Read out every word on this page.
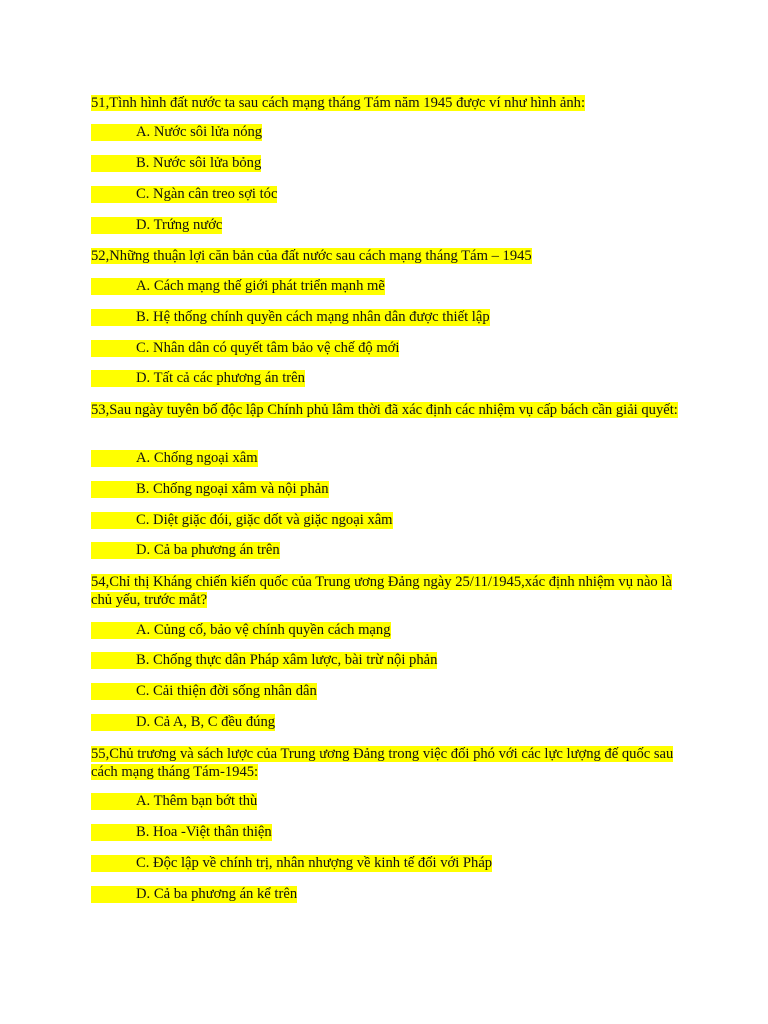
51,Tình hình đất nước ta sau cách mạng tháng Tám năm 1945 được ví như hình ảnh:
A. Nước sôi lửa nóng
B. Nước sôi lửa bỏng
C. Ngàn cân treo sợi tóc
D. Trứng nước
52,Những thuận lợi căn bản của đất nước sau cách mạng tháng Tám – 1945
A. Cách mạng thế giới phát triển mạnh mẽ
B. Hệ thống chính quyền cách mạng nhân dân được thiết lập
C. Nhân dân có quyết tâm bảo vệ chế độ mới
D. Tất cả các phương án trên
53,Sau ngày tuyên bố độc lập Chính phủ lâm thời đã xác định các nhiệm vụ cấp bách cần giải quyết:
A. Chống ngoại xâm
B. Chống ngoại xâm và nội phản
C. Diệt giặc đói, giặc dốt và giặc ngoại xâm
D. Cả ba phương án trên
54,Chỉ thị Kháng chiến kiến quốc của Trung ương Đảng ngày 25/11/1945,xác định nhiệm vụ nào là chủ yếu, trước mắt?
A. Củng cố, bảo vệ chính quyền cách mạng
B. Chống thực dân Pháp xâm lược, bài trừ nội phản
C. Cải thiện đời sống nhân dân
D. Cả A, B, C đều đúng
55,Chủ trương và sách lược của Trung ương Đảng trong việc đối phó với các lực lượng đế quốc sau cách mạng tháng Tám-1945:
A. Thêm bạn bớt thù
B. Hoa -Việt thân thiện
C. Độc lập về chính trị, nhân nhượng về kinh tế đối với Pháp
D. Cả ba phương án kể trên
